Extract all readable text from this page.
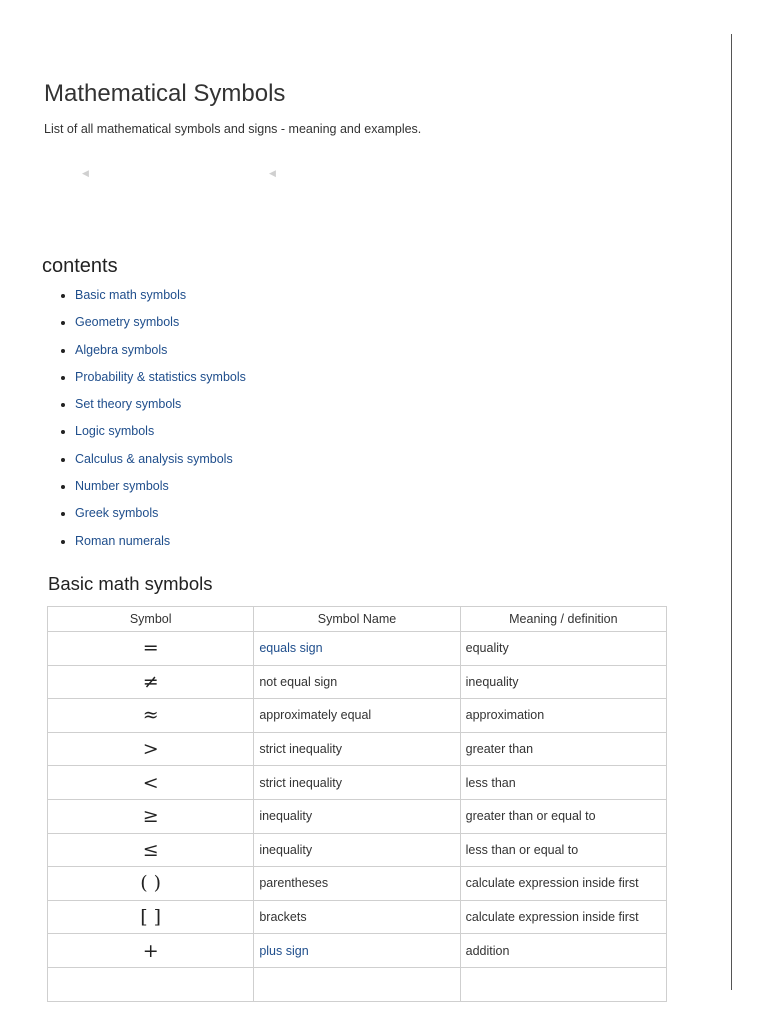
Mathematical Symbols

List of all mathematical symbols and signs - meaning and examples.

◀	◀
contents
• Basic math symbols
• Geometry symbols
• Algebra symbols
• Probability & statistics symbols
• Set theory symbols
• Logic symbols
• Calculus & analysis symbols
• Number symbols
• Greek symbols
• Roman numerals
Basic math symbols
Symbol	Symbol Name	Meaning / definition
=	equals sign	equality
≠	not equal sign	inequality
≈	approximately equal	approximation
>	strict inequality	greater than
<	strict inequality	less than
≥	inequality	greater than or equal to
≤	inequality	less than or equal to
( )	parentheses	calculate expression inside first
[ ]	brackets	calculate expression inside first
+	plus sign	addition
